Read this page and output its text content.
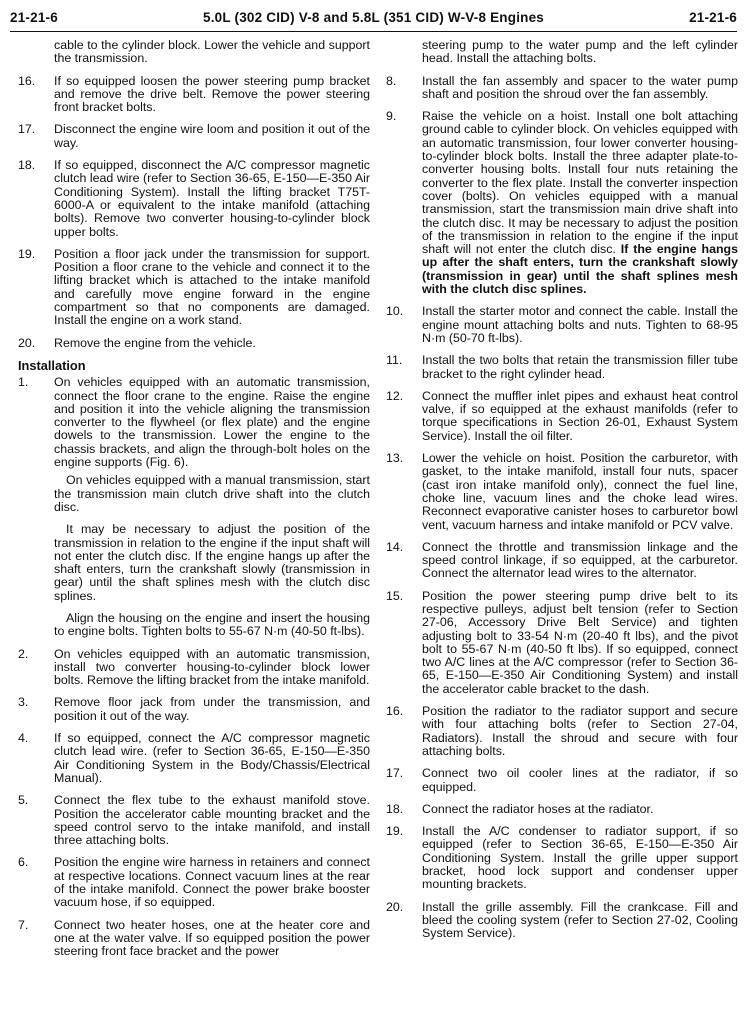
21-21-6	5.0L (302 CID) V-8 and 5.8L (351 CID) W-V-8 Engines	21-21-6
cable to the cylinder block. Lower the vehicle and support the transmission.
16.	If so equipped loosen the power steering pump bracket and remove the drive belt. Remove the power steering front bracket bolts.
17.	Disconnect the engine wire loom and position it out of the way.
18.	If so equipped, disconnect the A/C compressor magnetic clutch lead wire (refer to Section 36-65, E-150—E-350 Air Conditioning System). Install the lifting bracket T75T-6000-A or equivalent to the intake manifold (attaching bolts). Remove two converter housing-to-cylinder block upper bolts.
19.	Position a floor jack under the transmission for support. Position a floor crane to the vehicle and connect it to the lifting bracket which is attached to the intake manifold and carefully move engine forward in the engine compartment so that no components are damaged. Install the engine on a work stand.
20.	Remove the engine from the vehicle.
Installation
1.	On vehicles equipped with an automatic transmission, connect the floor crane to the engine. Raise the engine and position it into the vehicle aligning the transmission converter to the flywheel (or flex plate) and the engine dowels to the transmission. Lower the engine to the chassis brackets, and align the through-bolt holes on the engine supports (Fig. 6).
On vehicles equipped with a manual transmission, start the transmission main clutch drive shaft into the clutch disc.
It may be necessary to adjust the position of the transmission in relation to the engine if the input shaft will not enter the clutch disc. If the engine hangs up after the shaft enters, turn the crankshaft slowly (transmission in gear) until the shaft splines mesh with the clutch disc splines.
Align the housing on the engine and insert the housing to engine bolts. Tighten bolts to 55-67 N·m (40-50 ft-lbs).
2.	On vehicles equipped with an automatic transmission, install two converter housing-to-cylinder block lower bolts. Remove the lifting bracket from the intake manifold.
3.	Remove floor jack from under the transmission, and position it out of the way.
4.	If so equipped, connect the A/C compressor magnetic clutch lead wire. (refer to Section 36-65, E-150—E-350 Air Conditioning System in the Body/Chassis/Electrical Manual).
5.	Connect the flex tube to the exhaust manifold stove. Position the accelerator cable mounting bracket and the speed control servo to the intake manifold, and install three attaching bolts.
6.	Position the engine wire harness in retainers and connect at respective locations. Connect vacuum lines at the rear of the intake manifold. Connect the power brake booster vacuum hose, if so equipped.
7.	Connect two heater hoses, one at the heater core and one at the water valve. If so equipped position the power steering front face bracket and the power
steering pump to the water pump and the left cylinder head. Install the attaching bolts.
8.	Install the fan assembly and spacer to the water pump shaft and position the shroud over the fan assembly.
9.	Raise the vehicle on a hoist. Install one bolt attaching ground cable to cylinder block. On vehicles equipped with an automatic transmission, four lower converter housing-to-cylinder block bolts. Install the three adapter plate-to-converter housing bolts. Install four nuts retaining the converter to the flex plate. Install the converter inspection cover (bolts). On vehicles equipped with a manual transmission, start the transmission main drive shaft into the clutch disc. It may be necessary to adjust the position of the transmission in relation to the engine if the input shaft will not enter the clutch disc. If the engine hangs up after the shaft enters, turn the crankshaft slowly (transmission in gear) until the shaft splines mesh with the clutch disc splines.
10.	Install the starter motor and connect the cable. Install the engine mount attaching bolts and nuts. Tighten to 68-95 N·m (50-70 ft-lbs).
11.	Install the two bolts that retain the transmission filler tube bracket to the right cylinder head.
12.	Connect the muffler inlet pipes and exhaust heat control valve, if so equipped at the exhaust manifolds (refer to torque specifications in Section 26-01, Exhaust System Service). Install the oil filter.
13.	Lower the vehicle on hoist. Position the carburetor, with gasket, to the intake manifold, install four nuts, spacer (cast iron intake manifold only), connect the fuel line, choke line, vacuum lines and the choke lead wires. Reconnect evaporative canister hoses to carburetor bowl vent, vacuum harness and intake manifold or PCV valve.
14.	Connect the throttle and transmission linkage and the speed control linkage, if so equipped, at the carburetor. Connect the alternator lead wires to the alternator.
15.	Position the power steering pump drive belt to its respective pulleys, adjust belt tension (refer to Section 27-06, Accessory Drive Belt Service) and tighten adjusting bolt to 33-54 N·m (20-40 ft lbs), and the pivot bolt to 55-67 N·m (40-50 ft lbs). If so equipped, connect two A/C lines at the A/C compressor (refer to Section 36-65, E-150—E-350 Air Conditioning System) and install the accelerator cable bracket to the dash.
16.	Position the radiator to the radiator support and secure with four attaching bolts (refer to Section 27-04, Radiators). Install the shroud and secure with four attaching bolts.
17.	Connect two oil cooler lines at the radiator, if so equipped.
18.	Connect the radiator hoses at the radiator.
19.	Install the A/C condenser to radiator support, if so equipped (refer to Section 36-65, E-150—E-350 Air Conditioning System. Install the grille upper support bracket, hood lock support and condenser upper mounting brackets.
20.	Install the grille assembly. Fill the crankcase. Fill and bleed the cooling system (refer to Section 27-02, Cooling System Service).
